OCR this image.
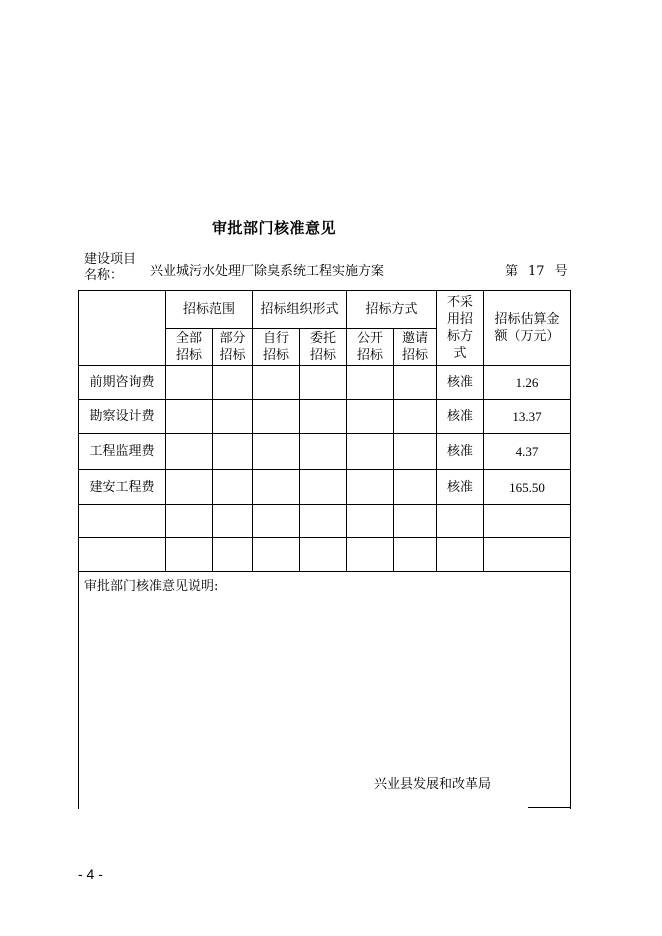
审批部门核准意见
建设项目名称：	兴业城污水处理厂除臭系统工程实施方案	第 17 号
	招标范围		招标组织形式		招标方式		不采用招标方式	招标估算金额（万元）
	全部招标	部分招标	自行招标	委托招标	公开招标	邀请招标		
前期咨询费							核准	1.26
勘察设计费							核准	13.37
工程监理费							核准	4.37
建安工程费							核准	165.50

审批部门核准意见说明:
兴业县发展和改革局								
- 4 -
